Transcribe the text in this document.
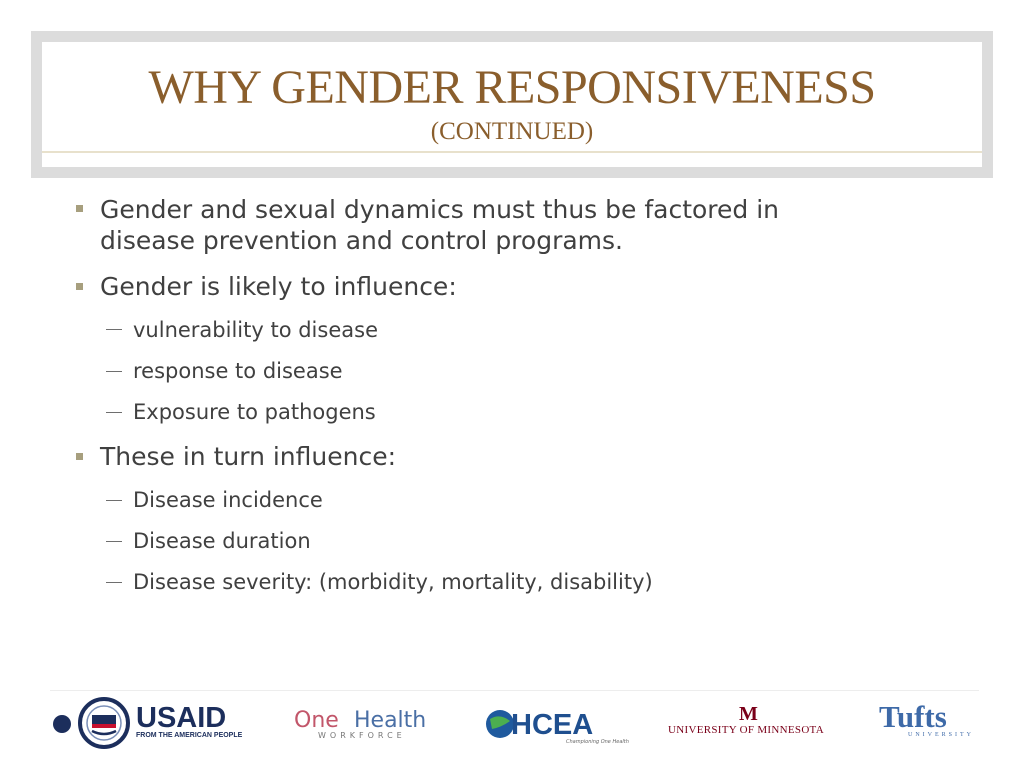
WHY GENDER RESPONSIVENESS
(CONTINUED)
Gender and sexual dynamics must thus be factored in
disease prevention and control programs.
Gender is likely to influence:
vulnerability to disease
response to disease
Exposure to pathogens
These in turn influence:
Disease incidence
Disease duration
Disease severity: (morbidity, mortality, disability)
USAID
FROM THE AMERICAN PEOPLE
One Health
WORKFORCE	HCEA
Championing One Health
M
UNIVERSITY OF MINNESOTA Tufts
UNIVERSITY
